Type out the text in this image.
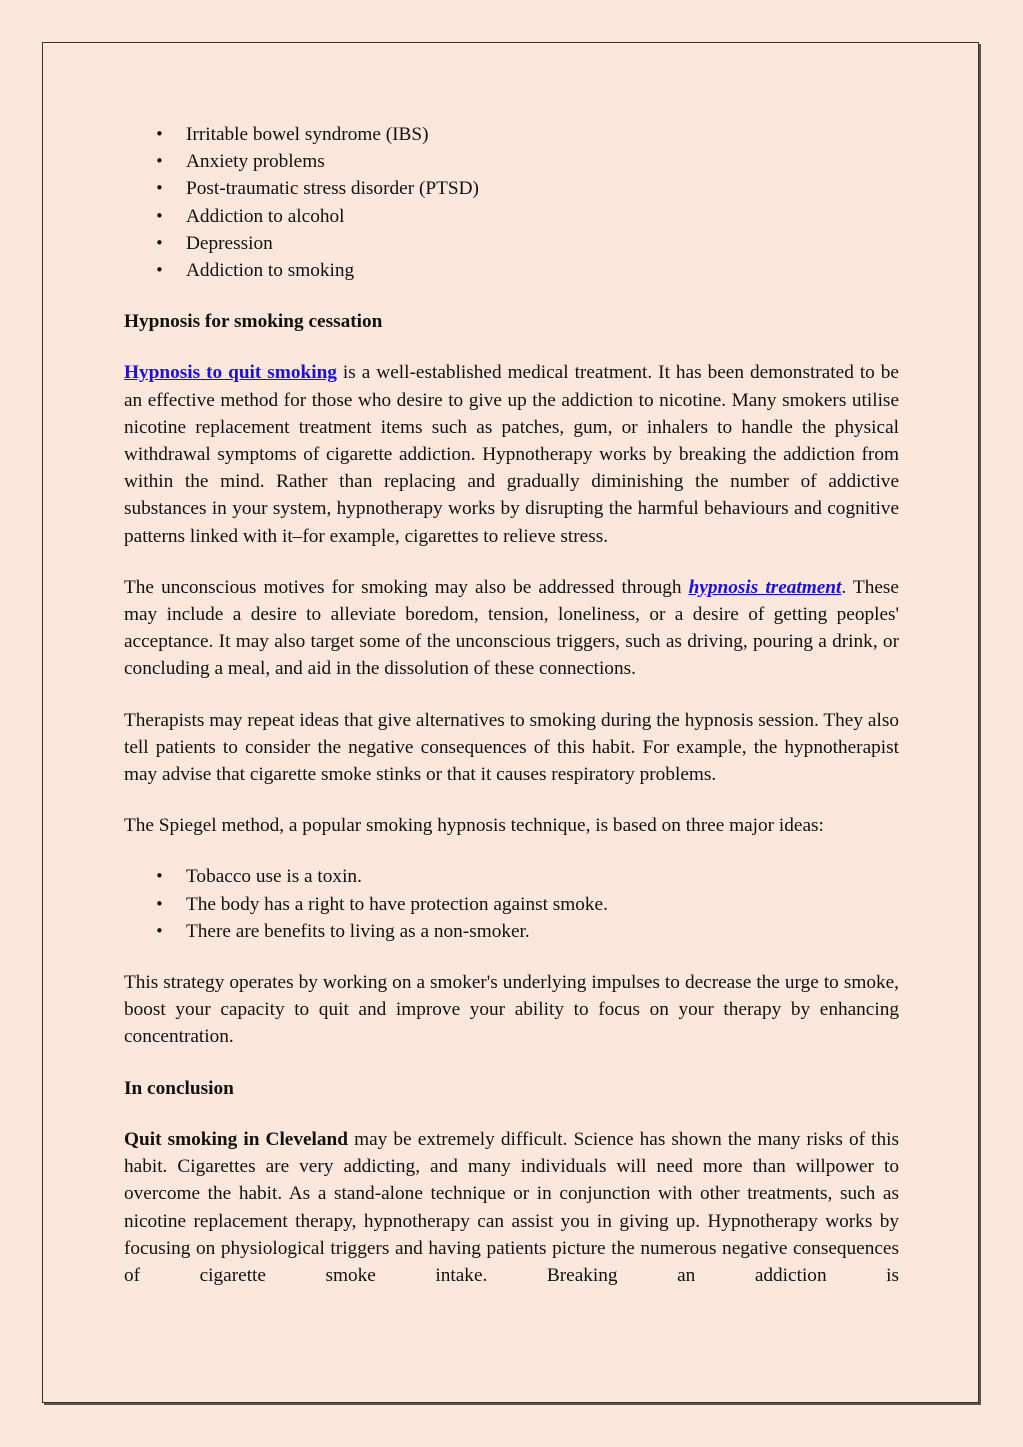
• Irritable bowel syndrome (IBS)
• Anxiety problems
• Post-traumatic stress disorder (PTSD)
• Addiction to alcohol
• Depression
• Addiction to smoking
Hypnosis for smoking cessation

Hypnosis to quit smoking is a well-established medical treatment. It has been demonstrated to be an effective method for those who desire to give up the addiction to nicotine. Many smokers utilise nicotine replacement treatment items such as patches, gum, or inhalers to handle the physical withdrawal symptoms of cigarette addiction. Hypnotherapy works by breaking the addiction from within the mind. Rather than replacing and gradually diminishing the number of addictive substances in your system, hypnotherapy works by disrupting the harmful behaviours and cognitive patterns linked with it–for example, cigarettes to relieve stress.

The unconscious motives for smoking may also be addressed through hypnosis treatment. These may include a desire to alleviate boredom, tension, loneliness, or a desire of getting peoples' acceptance. It may also target some of the unconscious triggers, such as driving, pouring a drink, or concluding a meal, and aid in the dissolution of these connections.

Therapists may repeat ideas that give alternatives to smoking during the hypnosis session. They also tell patients to consider the negative consequences of this habit. For example, the hypnotherapist may advise that cigarette smoke stinks or that it causes respiratory problems.

The Spiegel method, a popular smoking hypnosis technique, is based on three major ideas:

• Tobacco use is a toxin.
• The body has a right to have protection against smoke.
• There are benefits to living as a non-smoker.

This strategy operates by working on a smoker's underlying impulses to decrease the urge to smoke, boost your capacity to quit and improve your ability to focus on your therapy by enhancing concentration.

In conclusion

Quit smoking in Cleveland may be extremely difficult. Science has shown the many risks of this habit. Cigarettes are very addicting, and many individuals will need more than willpower to overcome the habit. As a stand-alone technique or in conjunction with other treatments, such as nicotine replacement therapy, hypnotherapy can assist you in giving up. Hypnotherapy works by focusing on physiological triggers and having patients picture the numerous negative consequences of cigarette smoke intake. Breaking an addiction is
